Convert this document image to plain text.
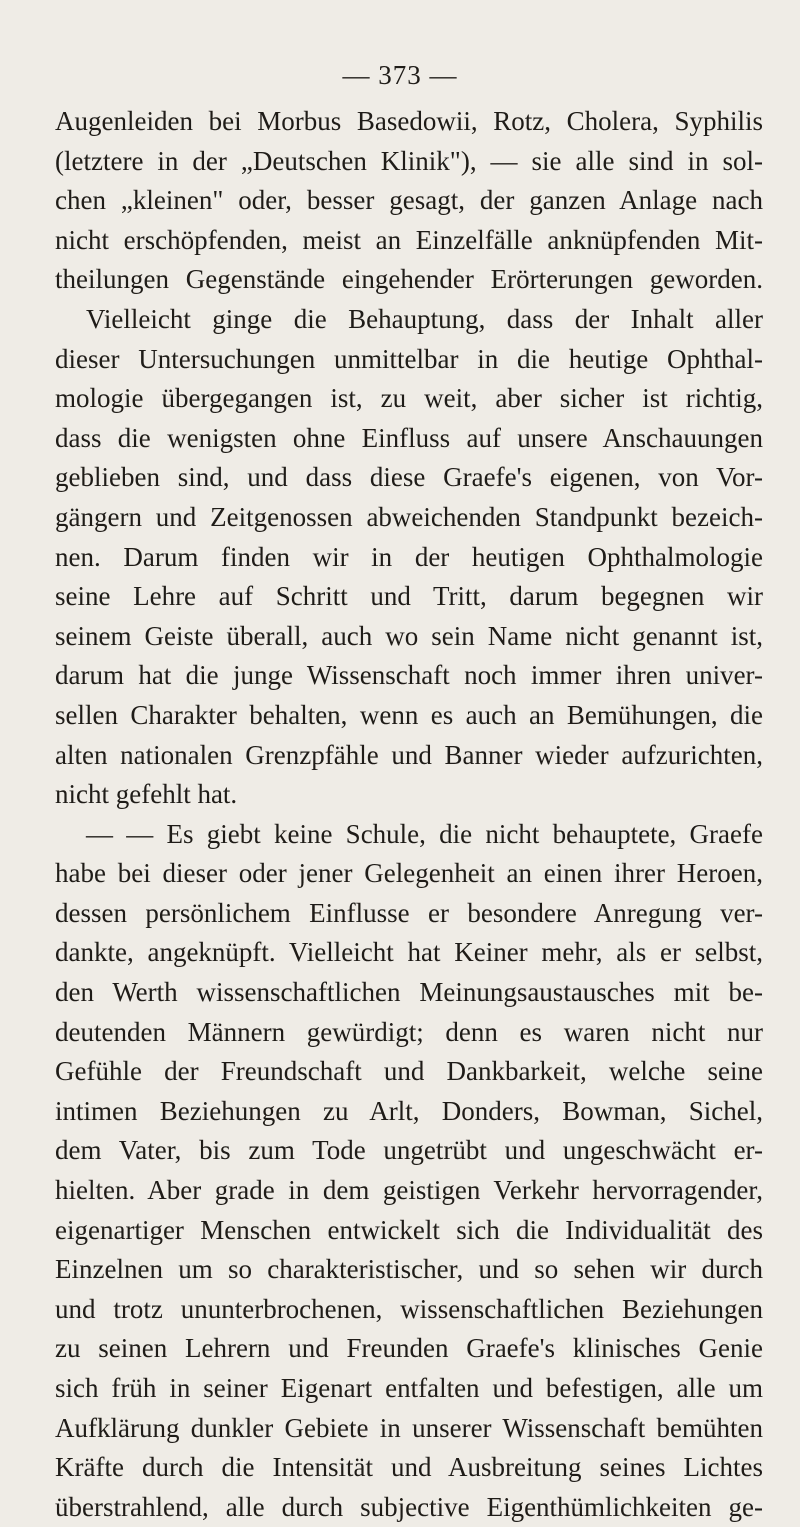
— 373 —
Augenleiden bei Morbus Basedowii, Rotz, Cholera, Syphilis
(letztere in der „Deutschen Klinik"), — sie alle sind in sol-
chen „kleinen" oder, besser gesagt, der ganzen Anlage nach
nicht erschöpfenden, meist an Einzelfälle anknüpfenden Mit-
theilungen Gegenstände eingehender Erörterungen geworden.
Vielleicht ginge die Behauptung, dass der Inhalt aller
dieser Untersuchungen unmittelbar in die heutige Ophthal-
mologie übergegangen ist, zu weit, aber sicher ist richtig,
dass die wenigsten ohne Einfluss auf unsere Anschauungen
geblieben sind, und dass diese Graefe's eigenen, von Vor-
gängern und Zeitgenossen abweichenden Standpunkt bezeich-
nen. Darum finden wir in der heutigen Ophthalmologie
seine Lehre auf Schritt und Tritt, darum begegnen wir
seinem Geiste überall, auch wo sein Name nicht genannt ist,
darum hat die junge Wissenschaft noch immer ihren univer-
sellen Charakter behalten, wenn es auch an Bemühungen, die
alten nationalen Grenzpfähle und Banner wieder aufzurichten,
nicht gefehlt hat.
— — Es giebt keine Schule, die nicht behauptete, Graefe
habe bei dieser oder jener Gelegenheit an einen ihrer Heroen,
dessen persönlichem Einflusse er besondere Anregung ver-
dankte, angeknüpft. Vielleicht hat Keiner mehr, als er selbst,
den Werth wissenschaftlichen Meinungsaustausches mit be-
deutenden Männern gewürdigt; denn es waren nicht nur
Gefühle der Freundschaft und Dankbarkeit, welche seine
intimen Beziehungen zu Arlt, Donders, Bowman, Sichel,
dem Vater, bis zum Tode ungetrübt und ungeschwächt er-
hielten. Aber grade in dem geistigen Verkehr hervorragender,
eigenartiger Menschen entwickelt sich die Individualität des
Einzelnen um so charakteristischer, und so sehen wir durch
und trotz ununterbrochenen, wissenschaftlichen Beziehungen
zu seinen Lehrern und Freunden Graefe's klinisches Genie
sich früh in seiner Eigenart entfalten und befestigen, alle um
Aufklärung dunkler Gebiete in unserer Wissenschaft bemühten
Kräfte durch die Intensität und Ausbreitung seines Lichtes
überstrahlend, alle durch subjective Eigenthümlichkeiten ge-
